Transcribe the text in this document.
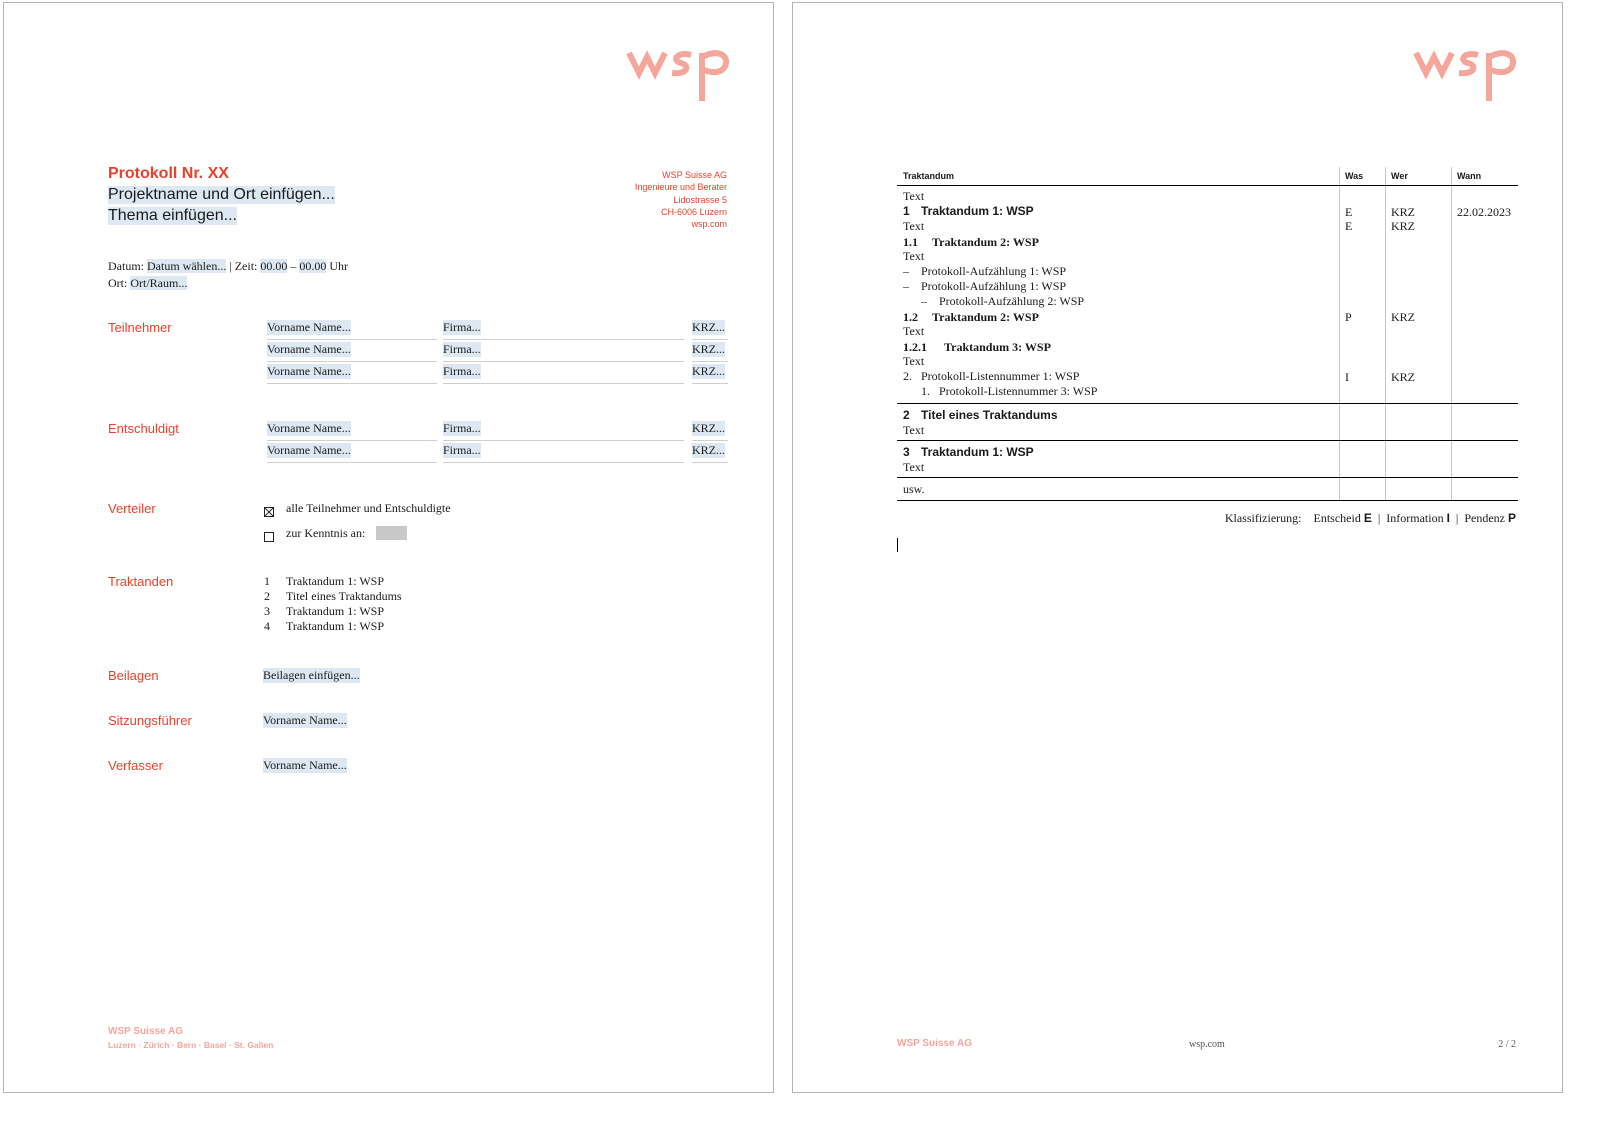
Protokoll Nr. XX
Projektname und Ort einfügen...
Thema einfügen...
WSP Suisse AG
Ingenieure und Berater
Lidostrasse 5
CH-6006 Luzern
wsp.com
Datum: Datum wählen... | Zeit: 00.00 – 00.00 Uhr
Ort: Ort/Raum...
Teilnehmer	Vorname Name...	Firma...	KRZ...
Vorname Name...	Firma...	KRZ...
Vorname Name...	Firma...	KRZ...
Entschuldigt	Vorname Name...	Firma...	KRZ...
Vorname Name...	Firma...	KRZ...
Verteiler	alle Teilnehmer und Entschuldigte
zur Kenntnis an:
Traktanden	1 Traktandum 1: WSP
2 Titel eines Traktandums
3 Traktandum 1: WSP
4 Traktandum 1: WSP
Beilagen	Beilagen einfügen...
Sitzungsführer	Vorname Name...
Verfasser	Vorname Name...
WSP Suisse AG
Luzern · Zürich · Bern · Basel · St. Gallen
Traktandum	Was	Wer	Wann
Text
1 Traktandum 1: WSP	E	KRZ	22.02.2023
Text	E	KRZ
1.1 Traktandum 2: WSP
Text
– Protokoll-Aufzählung 1: WSP
– Protokoll-Aufzählung 1: WSP
– Protokoll-Aufzählung 2: WSP
1.2 Traktandum 2: WSP	P	KRZ
Text
1.2.1 Traktandum 3: WSP
Text
2. Protokoll-Listennummer 1: WSP	I	KRZ
1. Protokoll-Listennummer 3: WSP
2 Titel eines Traktandums
Text
3 Traktandum 1: WSP
Text
usw.
Klassifizierung: Entscheid E | Information I | Pendenz P
WSP Suisse AG	wsp.com	2 / 2
